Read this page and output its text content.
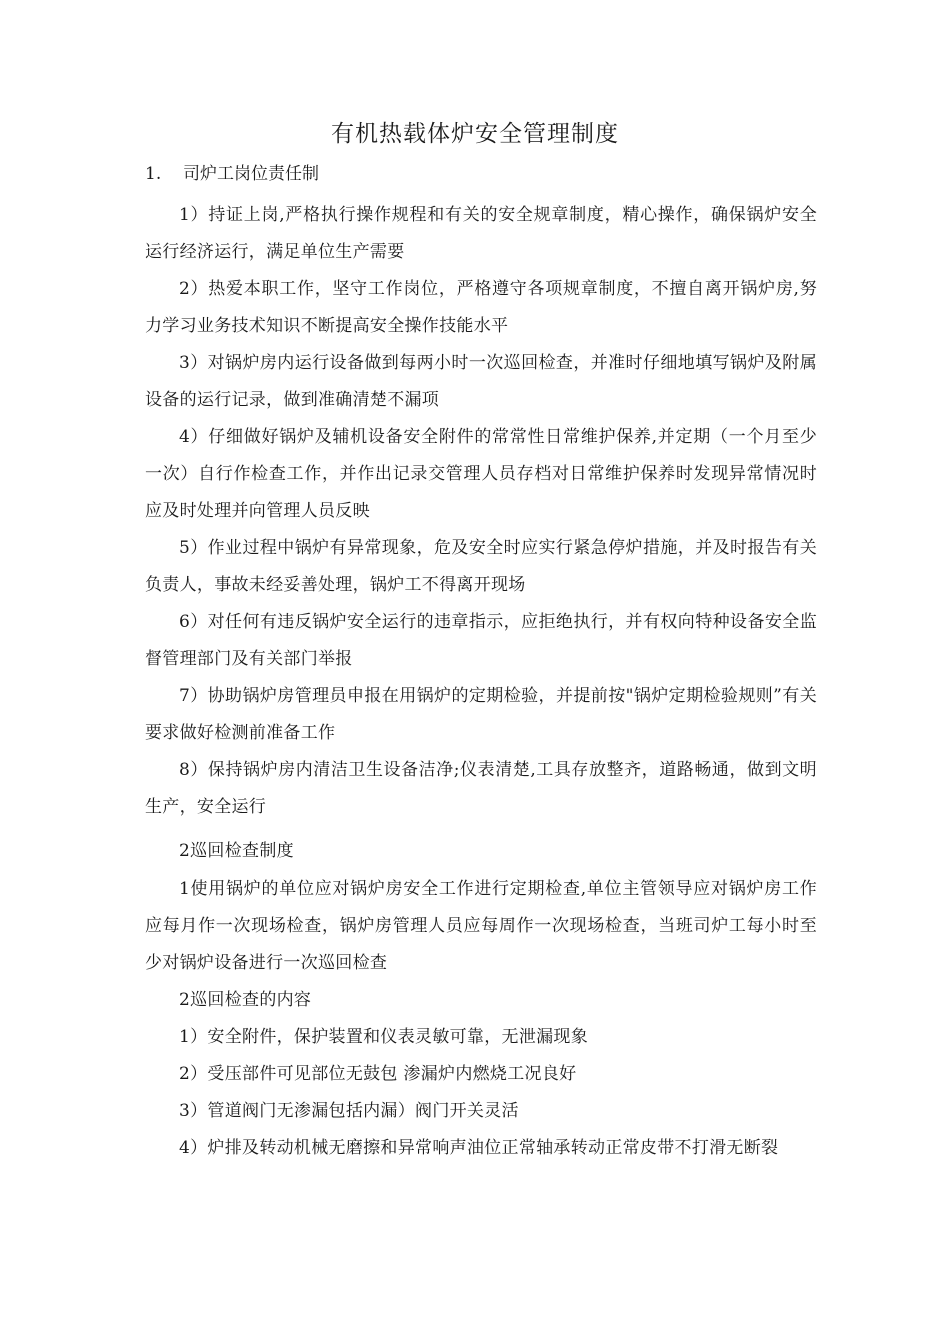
有机热载体炉安全管理制度
1. 司炉工岗位责任制
1）持证上岗,严格执行操作规程和有关的安全规章制度，精心操作，确保锅炉安全运行经济运行，满足单位生产需要
2）热爱本职工作，坚守工作岗位，严格遵守各项规章制度，不擅自离开锅炉房,努力学习业务技术知识不断提高安全操作技能水平
3）对锅炉房内运行设备做到每两小时一次巡回检查，并准时仔细地填写锅炉及附属设备的运行记录，做到准确清楚不漏项
4）仔细做好锅炉及辅机设备安全附件的常常性日常维护保养,并定期（一个月至少一次）自行作检查工作，并作出记录交管理人员存档对日常维护保养时发现异常情况时应及时处理并向管理人员反映
5）作业过程中锅炉有异常现象，危及安全时应实行紧急停炉措施，并及时报告有关负责人，事故未经妥善处理，锅炉工不得离开现场
6）对任何有违反锅炉安全运行的违章指示，应拒绝执行，并有权向特种设备安全监督管理部门及有关部门举报
7）协助锅炉房管理员申报在用锅炉的定期检验，并提前按"锅炉定期检验规则”有关要求做好检测前准备工作
8）保持锅炉房内清洁卫生设备洁净;仪表清楚,工具存放整齐，道路畅通，做到文明生产，安全运行
2巡回检查制度
1使用锅炉的单位应对锅炉房安全工作进行定期检查,单位主管领导应对锅炉房工作应每月作一次现场检查，锅炉房管理人员应每周作一次现场检查，当班司炉工每小时至少对锅炉设备进行一次巡回检查
2巡回检查的内容
1）安全附件，保护装置和仪表灵敏可靠，无泄漏现象
2）受压部件可见部位无鼓包 渗漏炉内燃烧工况良好
3）管道阀门无渗漏包括内漏）阀门开关灵活
4）炉排及转动机械无磨擦和异常响声油位正常轴承转动正常皮带不打滑无断裂
